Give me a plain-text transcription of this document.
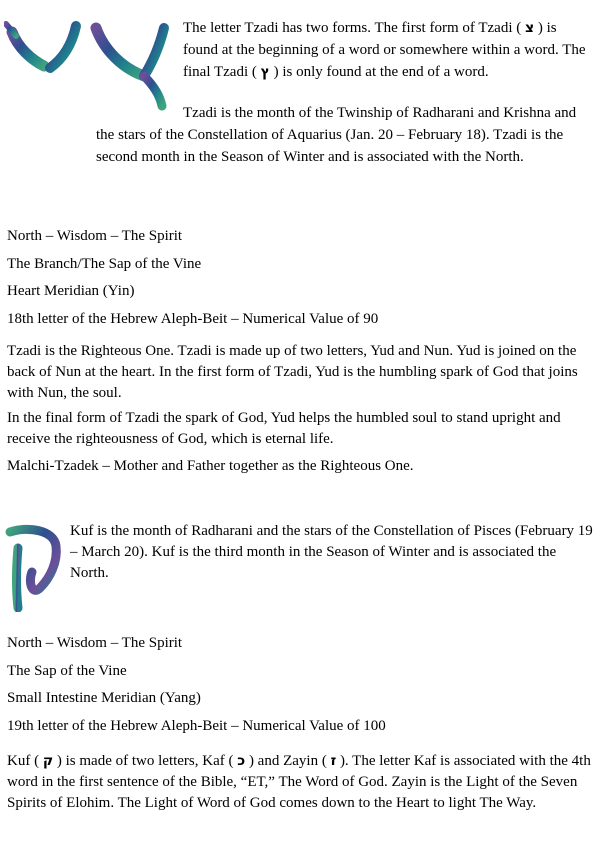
The letter Tzadi has two forms. The first form of Tzadi ( צ ) is found at the beginning of a word or somewhere within a word. The final Tzadi ( ץ ) is only found at the end of a word.

Tzadi is the month of the Twinship of Radharani and Krishna and the stars of the Constellation of Aquarius (Jan. 20 – February 18). Tzadi is the second month in the Season of Winter and is associated with the North.

North – Wisdom – The Spirit

The Branch/The Sap of the Vine

Heart Meridian (Yin)

18th letter of the Hebrew Aleph-Beit – Numerical Value of 90

Tzadi is the Righteous One. Tzadi is made up of two letters, Yud and Nun. Yud is joined on the back of Nun at the heart. In the first form of Tzadi, Yud is the humbling spark of God that joins with Nun, the soul.

In the final form of Tzadi the spark of God, Yud helps the humbled soul to stand upright and receive the righteousness of God, which is eternal life.

Malchi-Tzadek – Mother and Father together as the Righteous One.

Kuf is the month of Radharani and the stars of the Constellation of Pisces (February 19 – March 20). Kuf is the third month in the Season of Winter and is associated the North.

North – Wisdom – The Spirit

The Sap of the Vine

Small Intestine Meridian (Yang)

19th letter of the Hebrew Aleph-Beit – Numerical Value of 100

Kuf ( ק ) is made of two letters, Kaf ( כ ) and Zayin ( ז ). The letter Kaf is associated with the 4th word in the first sentence of the Bible, “ET,” The Word of God. Zayin is the Light of the Seven Spirits of Elohim. The Light of Word of God comes down to the Heart to light The Way.
